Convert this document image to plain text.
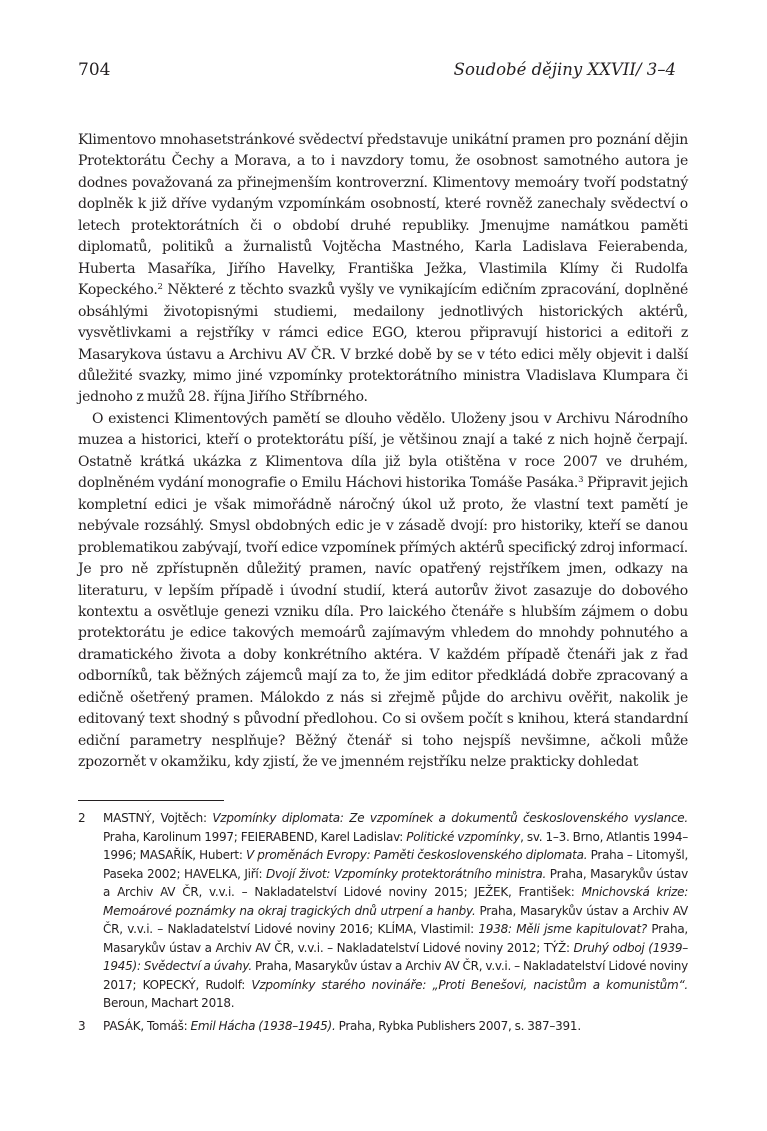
704	Soudobé dějiny XXVII/ 3–4

Klimentovo mnohasetstránkové svědectví představuje unikátní pramen pro poznání dějin Protektorátu Čechy a Morava, a to i navzdory tomu, že osobnost samotného autora je dodnes považovaná za přinejmenším kontroverzní. Klimentovy memoáry tvoří podstatný doplněk k již dříve vydaným vzpomínkám osobností, které rovněž zanechaly svědectví o letech protektorátních či o období druhé republiky. Jmenujme namátkou paměti diplomatů, politiků a žurnalistů Vojtěcha Mastného, Karla Ladislava Feierabenda, Huberta Masaříka, Jiřího Havelky, Františka Ježka, Vlastimila Klímy či Rudolfa Kopeckého.$^2$ Některé z těchto svazků vyšly ve vynikajícím edičním zpracování, doplněné obsáhlými životopisnými studiemi, medailony jednotlivých historických aktérů, vysvětlivkami a rejstříky v rámci edice EGO, kterou připravují historici a editoři z Masarykova ústavu a Archivu AV ČR. V brzké době by se v této edici měly objevit i další důležité svazky, mimo jiné vzpomínky protektorátního ministra Vladislava Klumpara či jednoho z mužů 28. října Jiřího Stříbrného.

O existenci Klimentových pamětí se dlouho vědělo. Uloženy jsou v Archivu Národního muzea a historici, kteří o protektorátu píší, je většinou znají a také z nich hojně čerpají. Ostatně krátká ukázka z Klimentova díla již byla otištěna v roce 2007 ve druhém, doplněném vydání monografie o Emilu Háchovi historika Tomáše Pasáka.$^3$ Připravit jejich kompletní edici je však mimořádně náročný úkol už proto, že vlastní text pamětí je nebývale rozsáhlý. Smysl obdobných edic je v zásadě dvojí: pro historiky, kteří se danou problematikou zabývají, tvoří edice vzpomínek přímých aktérů specifický zdroj informací. Je pro ně zpřístupněn důležitý pramen, navíc opatřený rejstříkem jmen, odkazy na literaturu, v lepším případě i úvodní studií, která autorův život zasazuje do dobového kontextu a osvětluje genezi vzniku díla. Pro laického čtenáře s hlubším zájmem o dobu protektorátu je edice takových memoárů zajímavým vhledem do mnohdy pohnutého a dramatického života a doby konkrétního aktéra. V každém případě čtenáři jak z řad odborníků, tak běžných zájemců mají za to, že jim editor předkládá dobře zpracovaný a edičně ošetřený pramen. Málokdo z nás si zřejmě půjde do archivu ověřit, nakolik je editovaný text shodný s původní předlohou. Co si ovšem počít s knihou, která standardní ediční parametry nesplňuje? Běžný čtenář si toho nejspíš nevšimne, ačkoli může zpozornět v okamžiku, kdy zjistí, že ve jmenném rejstříku nelze prakticky dohledat

2	MASTNÝ, Vojtěch: Vzpomínky diplomata: Ze vzpomínek a dokumentů československého vyslance. Praha, Karolinum 1997; FEIERABEND, Karel Ladislav: Politické vzpomínky, sv. 1–3. Brno, Atlantis 1994–1996; MASAŘÍK, Hubert: V proměnách Evropy: Paměti československého diplomata. Praha – Litomyšl, Paseka 2002; HAVELKA, Jiří: Dvojí život: Vzpomínky protektorátního ministra. Praha, Masarykův ústav a Archiv AV ČR, v.v.i. – Nakladatelství Lidové noviny 2015; JEŽEK, František: Mnichovská krize: Memoárové poznámky na okraj tragických dnů utrpení a hanby. Praha, Masarykův ústav a Archiv AV ČR, v.v.i. – Nakladatelství Lidové noviny 2016; KLÍMA, Vlastimil: 1938: Měli jsme kapitulovat? Praha, Masarykův ústav a Archiv AV ČR, v.v.i. – Nakladatelství Lidové noviny 2012; TÝŽ: Druhý odboj (1939–1945): Svědectví a úvahy. Praha, Masarykův ústav a Archiv AV ČR, v.v.i. – Nakladatelství Lidové noviny 2017; KOPECKÝ, Rudolf: Vzpomínky starého novináře: „Proti Benešovi, nacistům a komunistům“. Beroun, Machart 2018.
3	PASÁK, Tomáš: Emil Hácha (1938–1945). Praha, Rybka Publishers 2007, s. 387–391.
